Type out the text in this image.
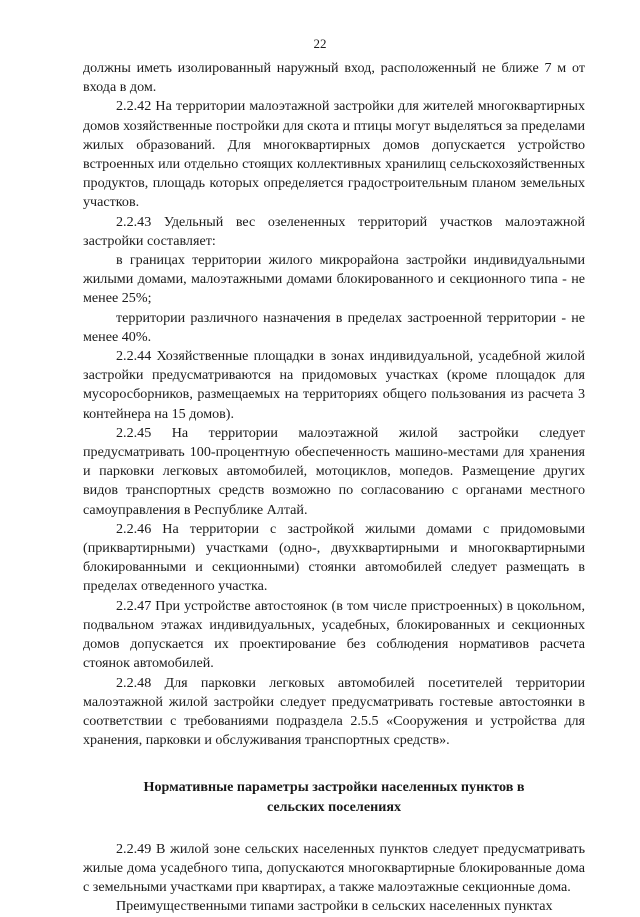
22

должны иметь изолированный наружный вход, расположенный не ближе 7 м от входа в дом.

2.2.42 На территории малоэтажной застройки для жителей многоквартирных домов хозяйственные постройки для скота и птицы могут выделяться за пределами жилых образований. Для многоквартирных домов допускается устройство встроенных или отдельно стоящих коллективных хранилищ сельскохозяйственных продуктов, площадь которых определяется градостроительным планом земельных участков.

2.2.43 Удельный вес озелененных территорий участков малоэтажной застройки составляет:

в границах территории жилого микрорайона застройки индивидуальными жилыми домами, малоэтажными домами блокированного и секционного типа - не менее 25%;

территории различного назначения в пределах застроенной территории - не менее 40%.

2.2.44 Хозяйственные площадки в зонах индивидуальной, усадебной жилой застройки предусматриваются на придомовых участках (кроме площадок для мусоросборников, размещаемых на территориях общего пользования из расчета 3 контейнера на 15 домов).

2.2.45 На территории малоэтажной жилой застройки следует предусматривать 100-процентную обеспеченность машино-местами для хранения и парковки легковых автомобилей, мотоциклов, мопедов. Размещение других видов транспортных средств возможно по согласованию с органами местного самоуправления в Республике Алтай.

2.2.46 На территории с застройкой жилыми домами с придомовыми (приквартирными) участками (одно-, двухквартирными и многоквартирными блокированными и секционными) стоянки автомобилей следует размещать в пределах отведенного участка.

2.2.47 При устройстве автостоянок (в том числе пристроенных) в цокольном, подвальном этажах индивидуальных, усадебных, блокированных и секционных домов допускается их проектирование без соблюдения нормативов расчета стоянок автомобилей.

2.2.48 Для парковки легковых автомобилей посетителей территории малоэтажной жилой застройки следует предусматривать гостевые автостоянки в соответствии с требованиями подраздела 2.5.5 «Сооружения и устройства для хранения, парковки и обслуживания транспортных средств».

Нормативные параметры застройки населенных пунктов в сельских поселениях

2.2.49 В жилой зоне сельских населенных пунктов следует предусматривать жилые дома усадебного типа, допускаются многоквартирные блокированные дома с земельными участками при квартирах, а также малоэтажные секционные дома.

Преимущественными типами застройки в сельских населенных пунктах
